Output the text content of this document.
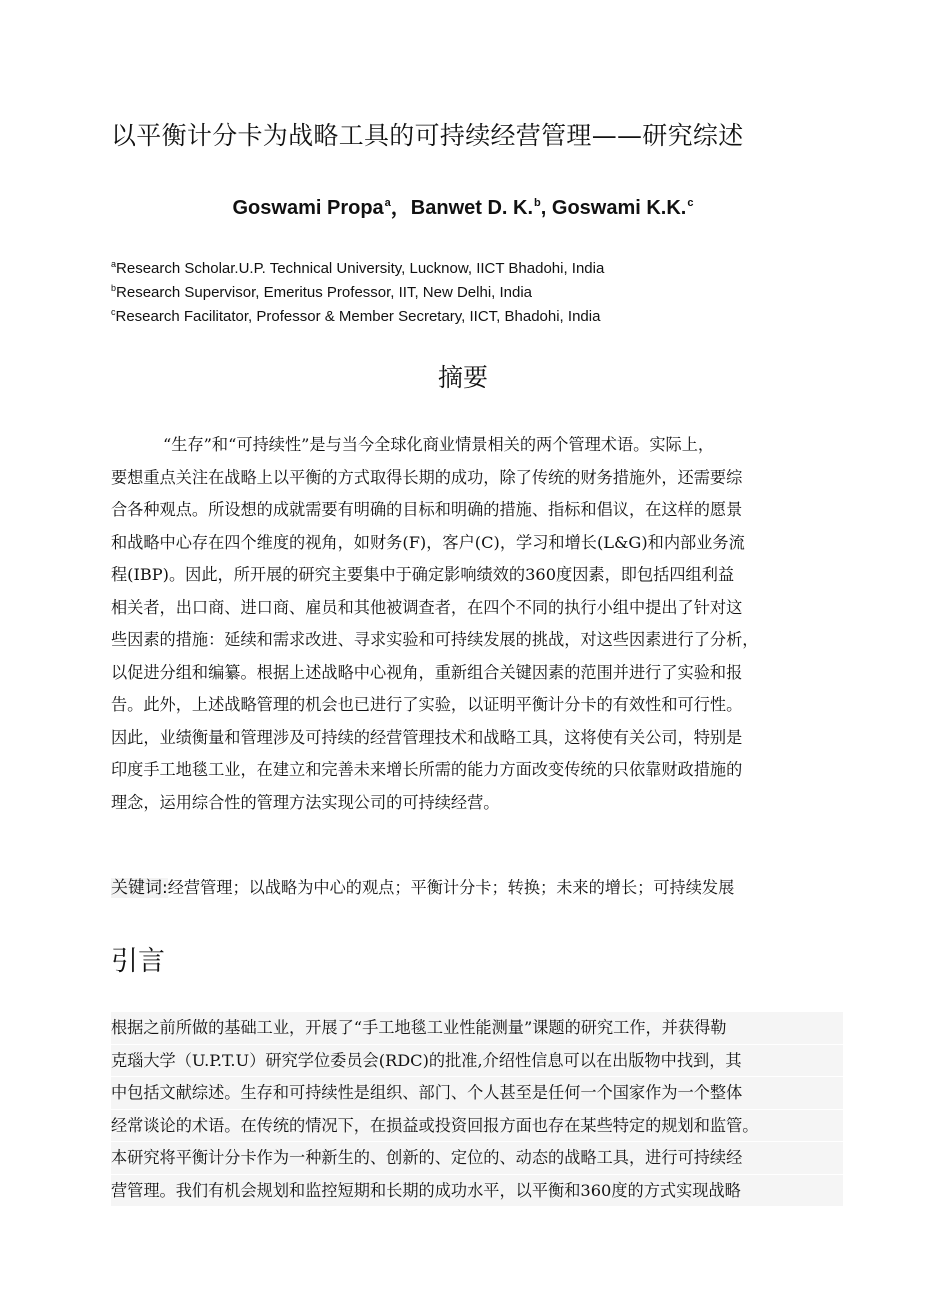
以平衡计分卡为战略工具的可持续经营管理——研究综述
Goswami Propa$^a$，Banwet D. K.$^b$, Goswami K.K.$^c$
$^a$Research Scholar.U.P. Technical University, Lucknow, IICT Bhadohi, India
$^b$Research Supervisor, Emeritus Professor, IIT, New Delhi, India
$^c$Research Facilitator, Professor & Member Secretary, IICT, Bhadohi, India
摘要
“生存”和“可持续性”是与当今全球化商业情景相关的两个管理术语。实际上，
要想重点关注在战略上以平衡的方式取得长期的成功，除了传统的财务措施外，还需要综
合各种观点。所设想的成就需要有明确的目标和明确的措施、指标和倡议，在这样的愿景
和战略中心存在四个维度的视角，如财务(F)，客户(C)，学习和增长(L&G)和内部业务流
程(IBP)。因此，所开展的研究主要集中于确定影响绩效的360度因素，即包括四组利益
相关者，出口商、进口商、雇员和其他被调查者，在四个不同的执行小组中提出了针对这
些因素的措施：延续和需求改进、寻求实验和可持续发展的挑战，对这些因素进行了分析，
以促进分组和编纂。根据上述战略中心视角，重新组合关键因素的范围并进行了实验和报
告。此外，上述战略管理的机会也已进行了实验，以证明平衡计分卡的有效性和可行性。
因此，业绩衡量和管理涉及可持续的经营管理技术和战略工具，这将使有关公司，特别是
印度手工地毯工业，在建立和完善未来增长所需的能力方面改变传统的只依靠财政措施的
理念，运用综合性的管理方法实现公司的可持续经营。
关键词:经营管理；以战略为中心的观点；平衡计分卡；转换；未来的增长；可持续发展
引言
根据之前所做的基础工业，开展了“手工地毯工业性能测量”课题的研究工作，并获得勒
克瑙大学（U.P.T.U）研究学位委员会(RDC)的批准,介绍性信息可以在出版物中找到，其
中包括文献综述。生存和可持续性是组织、部门、个人甚至是任何一个国家作为一个整体
经常谈论的术语。在传统的情况下，在损益或投资回报方面也存在某些特定的规划和监管。
本研究将平衡计分卡作为一种新生的、创新的、定位的、动态的战略工具，进行可持续经
营管理。我们有机会规划和监控短期和长期的成功水平，以平衡和360度的方式实现战略
